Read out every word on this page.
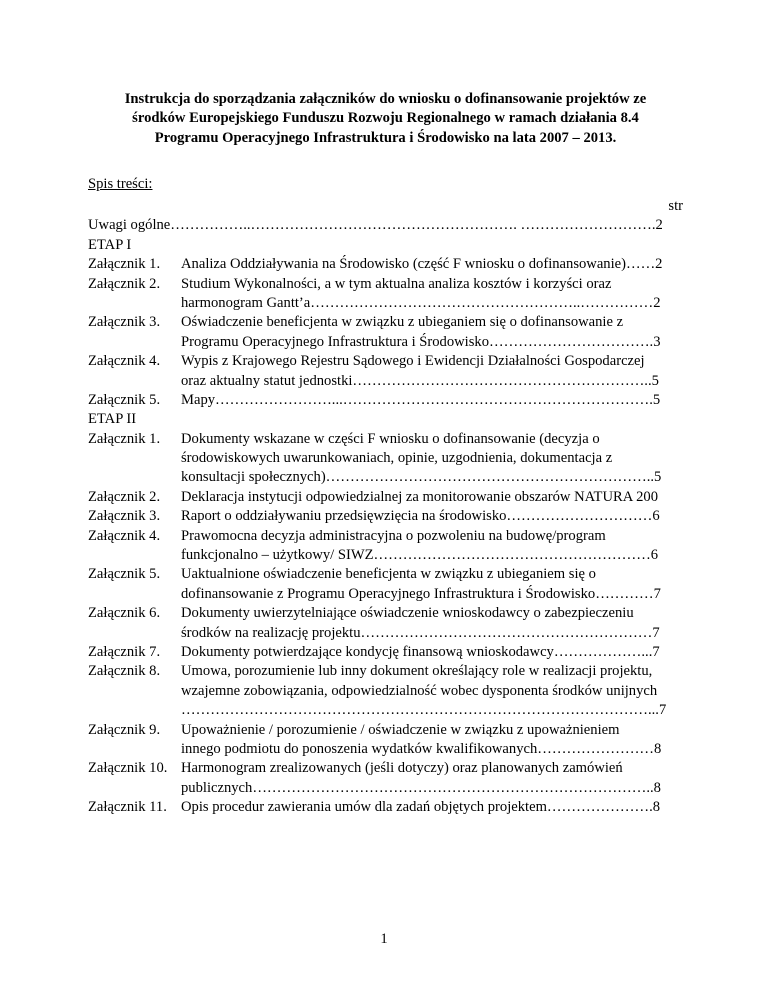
Instrukcja do sporządzania załączników do wniosku o dofinansowanie projektów ze
środków Europejskiego Funduszu Rozwoju Regionalnego w ramach działania 8.4
Programu Operacyjnego Infrastruktura i Środowisko na lata 2007 – 2013.
Spis treści:
str
Uwagi ogólne……………..………………………………………………. ……………………….2
ETAP I
Załącznik 1.	Analiza Oddziaływania na Środowisko (część F wniosku o dofinansowanie)……2
Załącznik 2.	Studium Wykonalności, a w tym aktualna analiza kosztów i korzyści oraz
harmonogram Gantt’a………………………………………………..……………2
Załącznik 3.	Oświadczenie beneficjenta w związku z ubieganiem się o dofinansowanie z
Programu Operacyjnego Infrastruktura i Środowisko…………………………….3
Załącznik 4.	Wypis z Krajowego Rejestru Sądowego i Ewidencji Działalności Gospodarczej
oraz aktualny statut jednostki……………………………………………………..5
Załącznik 5.	Mapy……………………...……………………………………………………….5
ETAP II
Załącznik 1.	Dokumenty wskazane w części F wniosku o dofinansowanie (decyzja o
środowiskowych uwarunkowaniach, opinie, uzgodnienia, dokumentacja z
konsultacji społecznych)…………………………………………………………..5
Załącznik 2.	Deklaracja instytucji odpowiedzialnej za monitorowanie obszarów NATURA 200
Załącznik 3.	Raport o oddziaływaniu przedsięwzięcia na środowisko…………………………6
Załącznik 4.	Prawomocna decyzja administracyjna o pozwoleniu na budowę/program
funkcjonalno – użytkowy/ SIWZ…………………………………………………6
Załącznik 5.	Uaktualnione oświadczenie beneficjenta w związku z ubieganiem się o
dofinansowanie z Programu Operacyjnego Infrastruktura i Środowisko…………7
Załącznik 6.	Dokumenty uwierzytelniające oświadczenie wnioskodawcy o zabezpieczeniu
środków na realizację projektu……………………………………………………7
Załącznik 7.	Dokumenty potwierdzające kondycję finansową wnioskodawcy………………...7
Załącznik 8.	Umowa, porozumienie lub inny dokument określający role w realizacji projektu,
wzajemne zobowiązania, odpowiedzialność wobec dysponenta środków unijnych
……………………………………………………………………………………...7
Załącznik 9.	Upoważnienie / porozumienie / oświadczenie w związku z upoważnieniem
innego podmiotu do ponoszenia wydatków kwalifikowanych……………………8
Załącznik 10. Harmonogram zrealizowanych (jeśli dotyczy) oraz planowanych zamówień
publicznych………………………………………………………………………..8
Załącznik 11. Opis procedur zawierania umów dla zadań objętych projektem………………….8
1
